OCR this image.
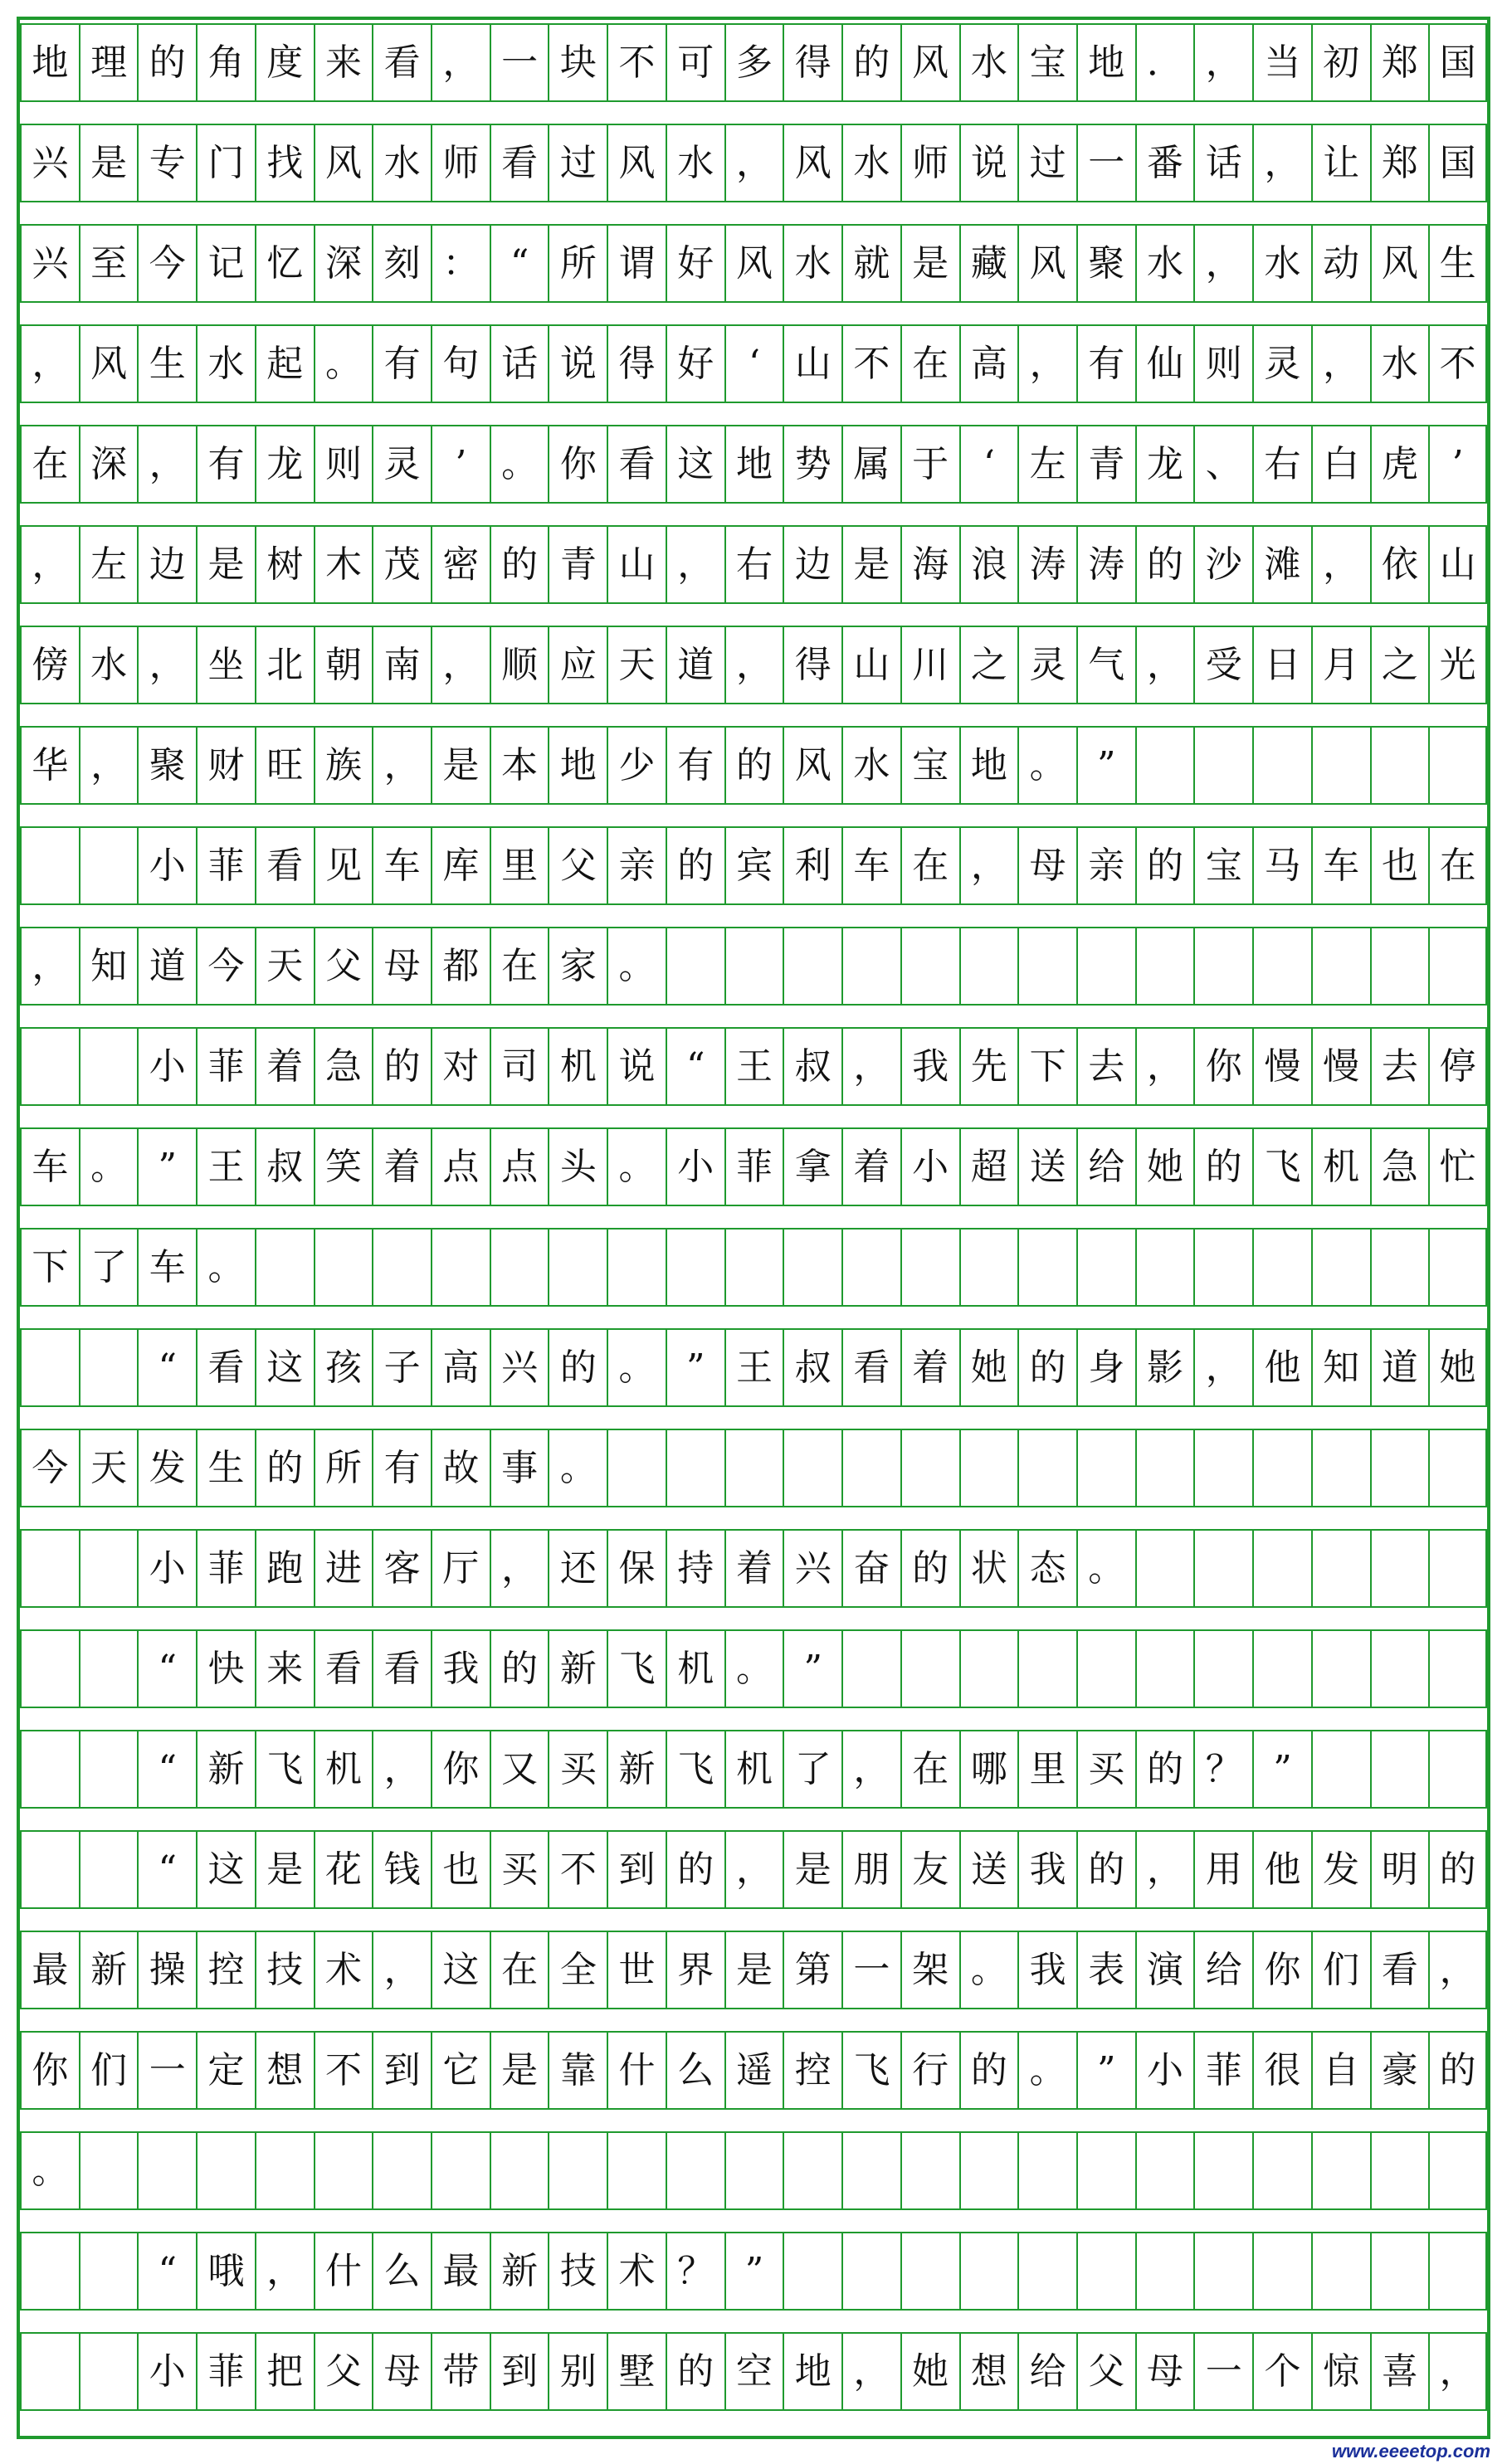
地 理 的 角 度 来 看 ， 一 块 不 可 多 得 的 风 水 宝 地 ． ， 当 初 郑 国
兴 是 专 门 找 风 水 师 看 过 风 水 ， 风 水 师 说 过 一 番 话 ， 让 郑 国
兴 至 今 记 忆 深 刻 ： “ 所 谓 好 风 水 就 是 藏 风 聚 水 ， 水 动 风 生
， 风 生 水 起 。 有 句 话 说 得 好 ‘ 山 不 在 高 ， 有 仙 则 灵 ， 水 不
在 深 ， 有 龙 则 灵 ’ 。 你 看 这 地 势 属 于 ‘ 左 青 龙 、 右 白 虎 ’
， 左 边 是 树 木 茂 密 的 青 山 ， 右 边 是 海 浪 涛 涛 的 沙 滩 ， 依 山
傍 水 ， 坐 北 朝 南 ， 顺 应 天 道 ， 得 山 川 之 灵 气 ， 受 日 月 之 光
华 ， 聚 财 旺 族 ， 是 本 地 少 有 的 风 水 宝 地 。 ”
小 菲 看 见 车 库 里 父 亲 的 宾 利 车 在 ， 母 亲 的 宝 马 车 也 在
， 知 道 今 天 父 母 都 在 家 。
小 菲 着 急 的 对 司 机 说 “ 王 叔 ， 我 先 下 去 ， 你 慢 慢 去 停
车 。 ” 王 叔 笑 着 点 点 头 。 小 菲 拿 着 小 超 送 给 她 的 飞 机 急 忙
下 了 车 。
“ 看 这 孩 子 高 兴 的 。 ” 王 叔 看 着 她 的 身 影 ， 他 知 道 她
今 天 发 生 的 所 有 故 事 。
小 菲 跑 进 客 厅 ， 还 保 持 着 兴 奋 的 状 态 。
“ 快 来 看 看 我 的 新 飞 机 。 ”
“ 新 飞 机 ， 你 又 买 新 飞 机 了 ， 在 哪 里 买 的 ？ ”
“ 这 是 花 钱 也 买 不 到 的 ， 是 朋 友 送 我 的 ， 用 他 发 明 的
最 新 操 控 技 术 ， 这 在 全 世 界 是 第 一 架 。 我 表 演 给 你 们 看 ，
你 们 一 定 想 不 到 它 是 靠 什 么 遥 控 飞 行 的 。 ” 小 菲 很 自 豪 的
。
“ 哦 ， 什 么 最 新 技 术 ？ ”
小 菲 把 父 母 带 到 别 墅 的 空 地 ， 她 想 给 父 母 一 个 惊 喜 ，
www.eeeetop.com
